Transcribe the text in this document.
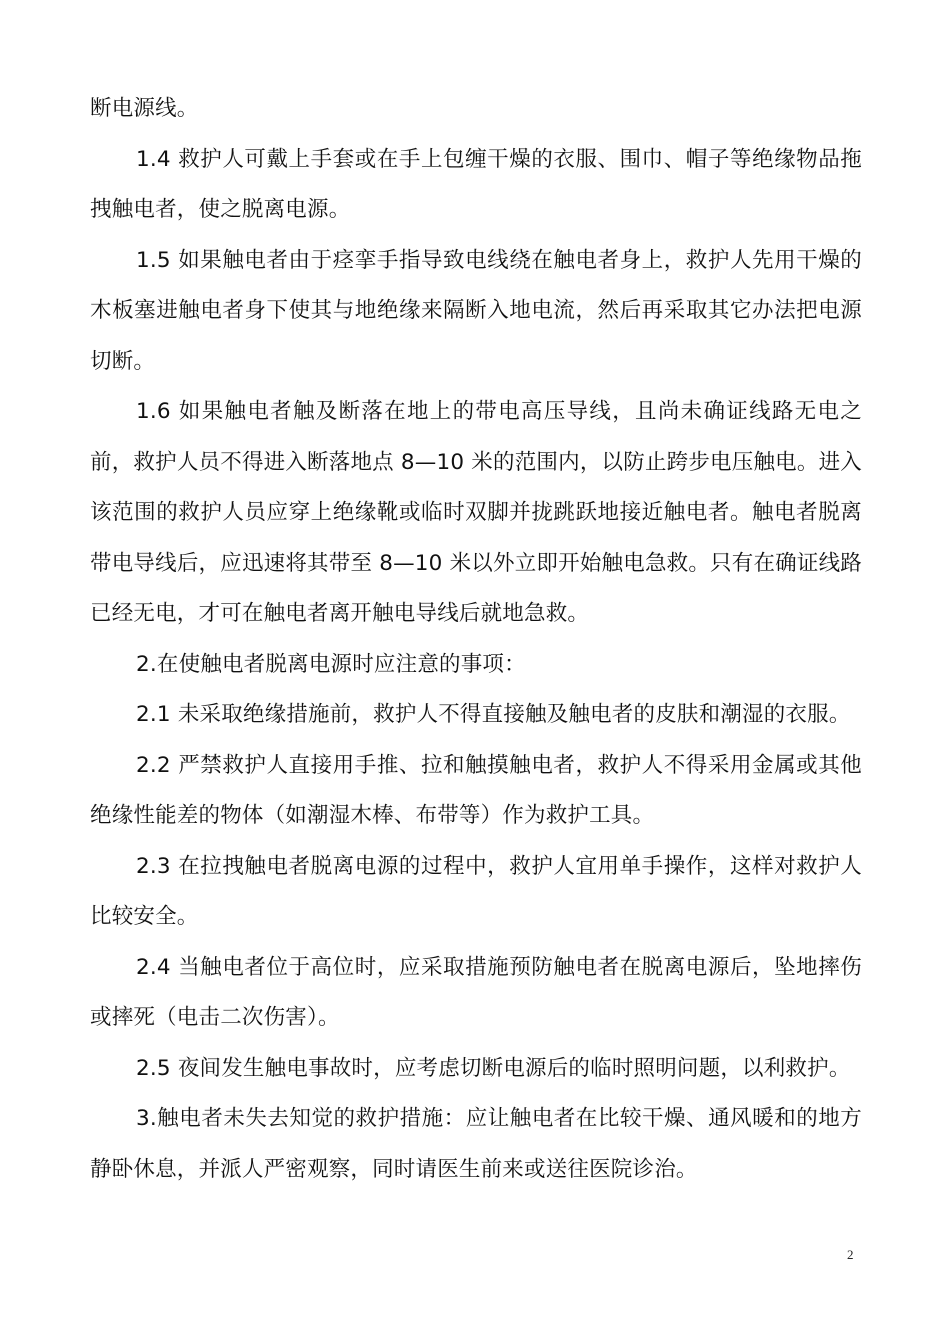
断电源线。

1.4 救护人可戴上手套或在手上包缠干燥的衣服、围巾、帽子等绝缘物品拖拽触电者，使之脱离电源。

1.5 如果触电者由于痉挛手指导致电线绕在触电者身上，救护人先用干燥的木板塞进触电者身下使其与地绝缘来隔断入地电流，然后再采取其它办法把电源切断。

1.6 如果触电者触及断落在地上的带电高压导线，且尚未确证线路无电之前，救护人员不得进入断落地点 8—10 米的范围内，以防止跨步电压触电。进入该范围的救护人员应穿上绝缘靴或临时双脚并拢跳跃地接近触电者。触电者脱离带电导线后，应迅速将其带至 8—10 米以外立即开始触电急救。只有在确证线路已经无电，才可在触电者离开触电导线后就地急救。

2.在使触电者脱离电源时应注意的事项：

2.1 未采取绝缘措施前，救护人不得直接触及触电者的皮肤和潮湿的衣服。

2.2 严禁救护人直接用手推、拉和触摸触电者，救护人不得采用金属或其他绝缘性能差的物体（如潮湿木棒、布带等）作为救护工具。

2.3 在拉拽触电者脱离电源的过程中，救护人宜用单手操作，这样对救护人比较安全。

2.4 当触电者位于高位时，应采取措施预防触电者在脱离电源后，坠地摔伤或摔死（电击二次伤害）。

2.5 夜间发生触电事故时，应考虑切断电源后的临时照明问题，以利救护。

3.触电者未失去知觉的救护措施：应让触电者在比较干燥、通风暖和的地方静卧休息，并派人严密观察，同时请医生前来或送往医院诊治。

2
